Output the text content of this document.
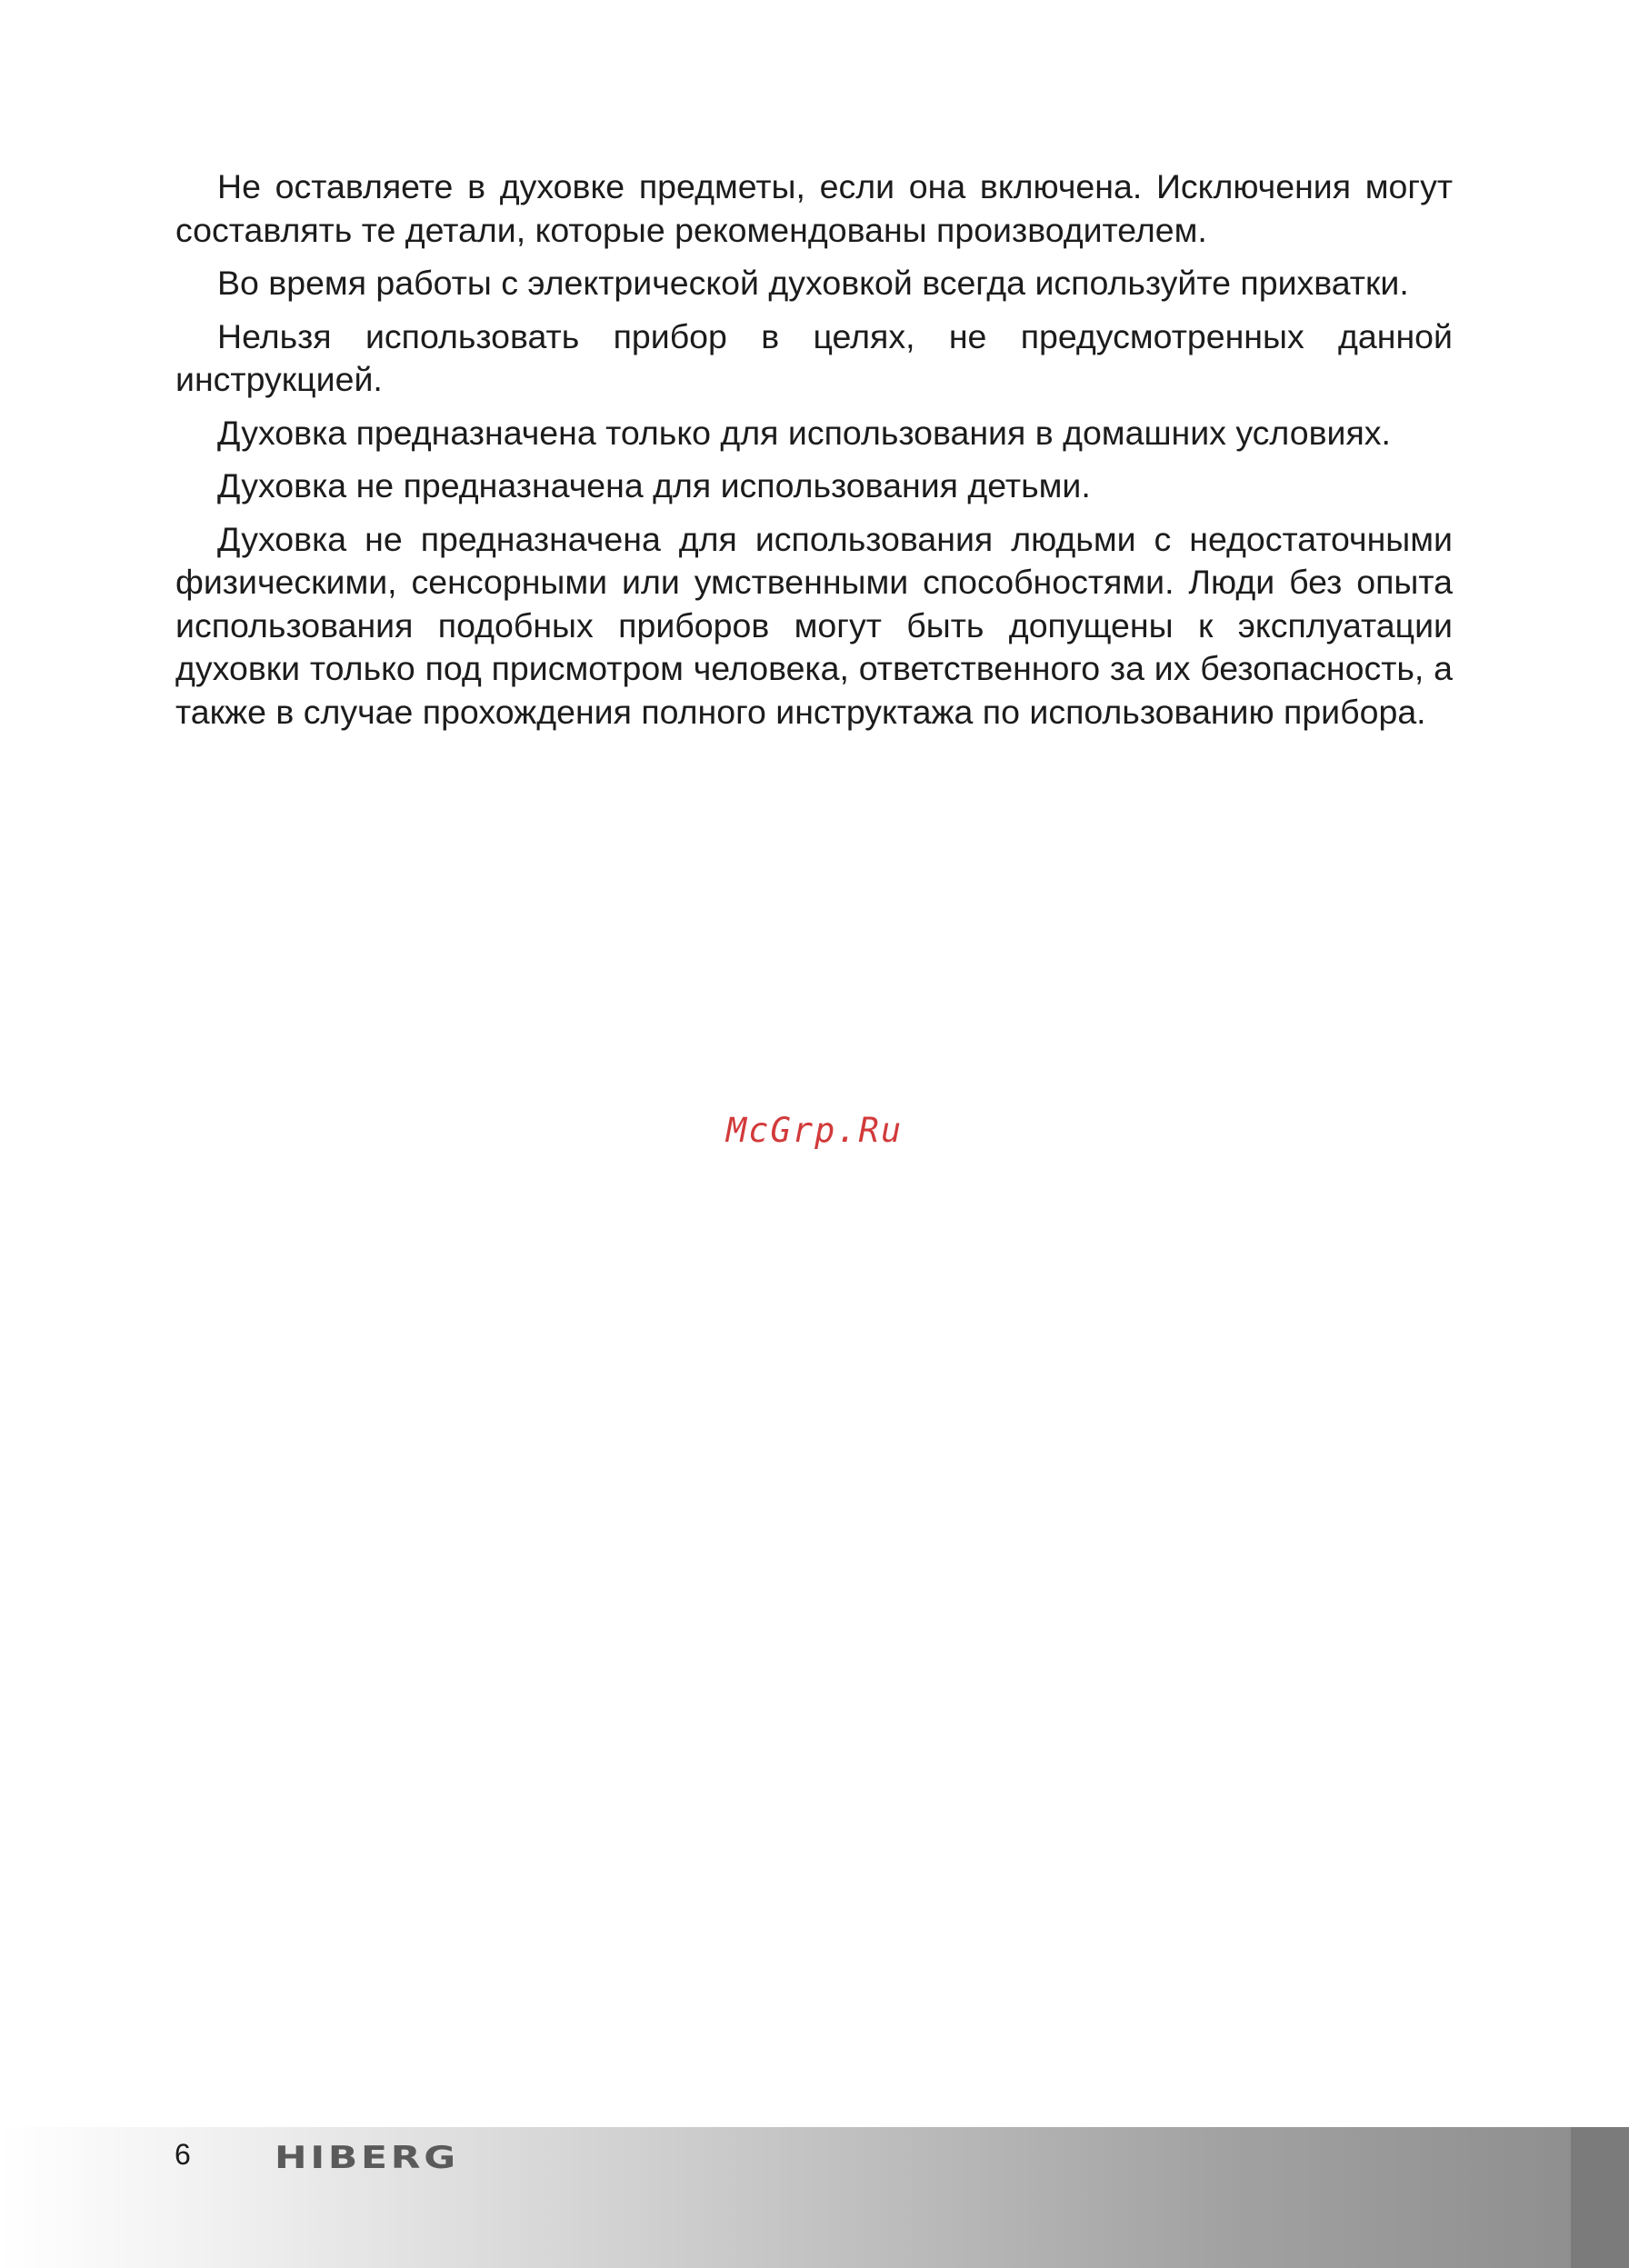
Не оставляете в духовке предметы, если она включена. Исключения могут составлять те детали, которые рекомендованы производителем.

Во время работы с электрической духовкой всегда используйте прихватки.

Нельзя использовать прибор в целях, не предусмотренных данной инструкцией.

Духовка предназначена только для использования в домашних условиях.

Духовка не предназначена для использования детьми.

Духовка не предназначена для использования людьми с недостаточными физическими, сенсорными или умственными способностями. Люди без опыта использования подобных приборов могут быть допущены к эксплуатации духовки только под присмотром человека, ответственного за их безопасность, а также в случае прохождения полного инструктажа по использованию прибора.

McGrp.Ru
6	HIBERG
